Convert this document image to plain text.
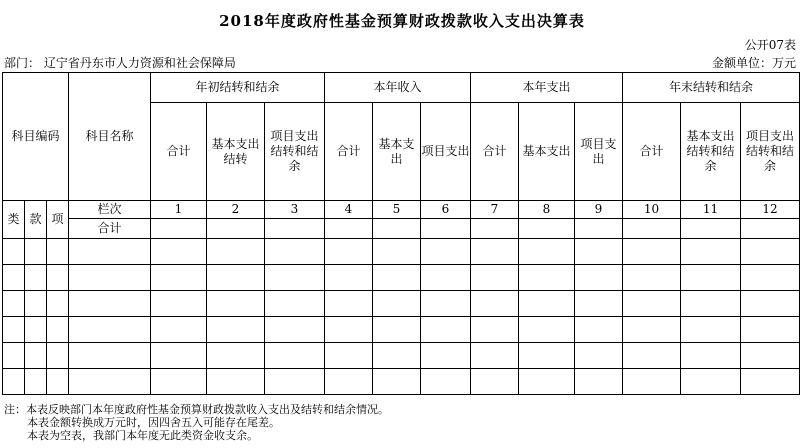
2018年度政府性基金预算财政拨款收入支出决算表
公开07表
部门： 辽宁省丹东市人力资源和社会保障局	金额单位：万元
科目编码			科目名称	年初结转和结余			本年收入			本年支出			年末结转和结余		
				合计	基本支出结转	项目支出结转和结余	合计	基本支出	项目支出	合计	基本支出	项目支出	合计	基本支出结转和结余	项目支出结转和结余
类	款	项	栏次	1	2	3	4	5	6	7	8	9	10	11	12
			合计												

注：本表反映部门本年度政府性基金预算财政拨款收入支出及结转和结余情况。
本表金额转换成万元时，因四舍五入可能存在尾差。
本表为空表，我部门本年度无此类资金收支余。
